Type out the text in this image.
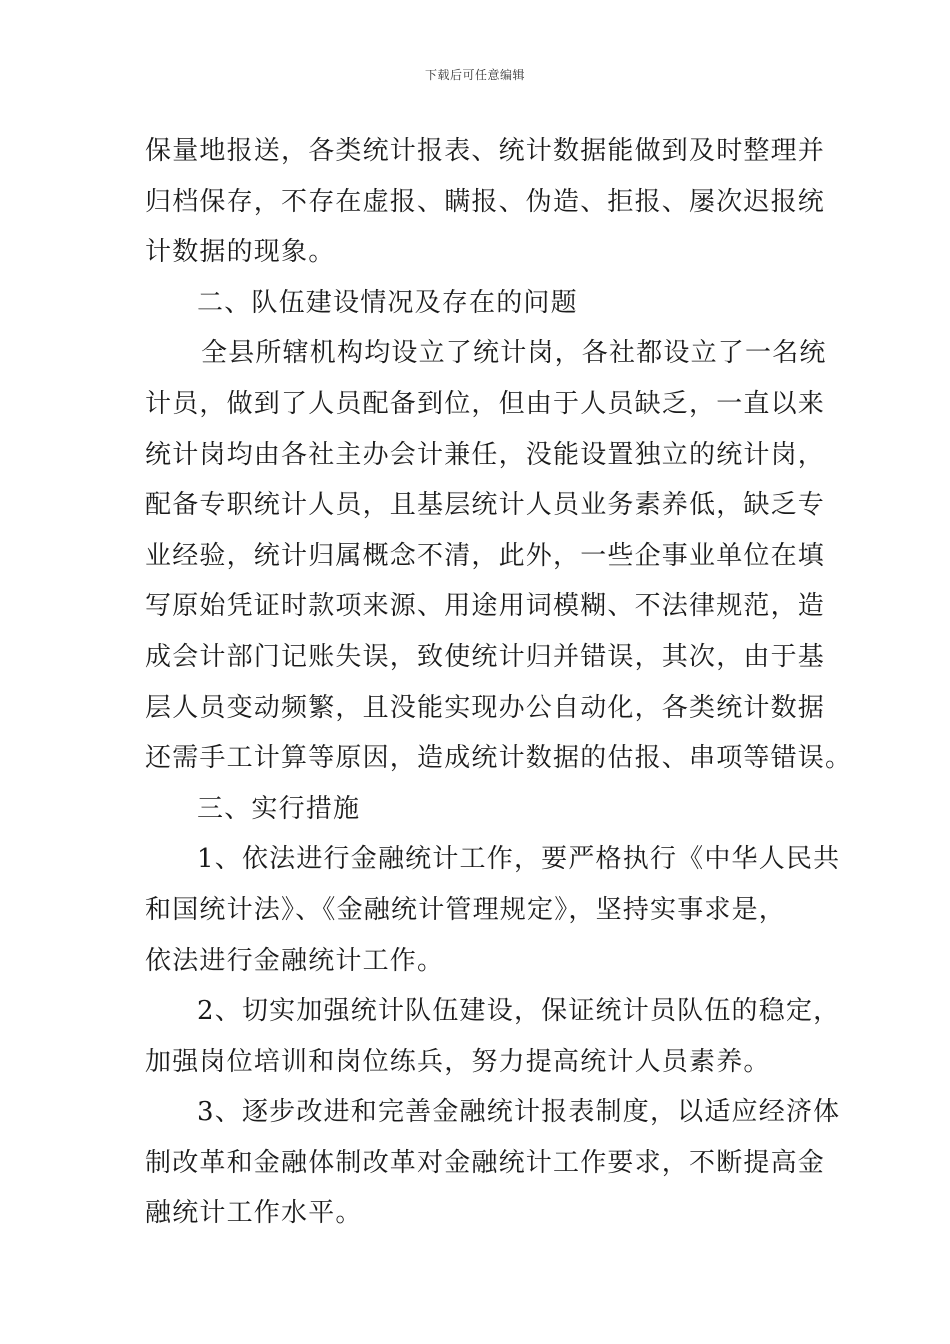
下载后可任意编辑
保量地报送，各类统计报表、统计数据能做到及时整理并
归档保存，不存在虚报、瞒报、伪造、拒报、屡次迟报统
计数据的现象。
二、队伍建设情况及存在的问题
全县所辖机构均设立了统计岗，各社都设立了一名统
计员，做到了人员配备到位，但由于人员缺乏，一直以来
统计岗均由各社主办会计兼任，没能设置独立的统计岗，
配备专职统计人员，且基层统计人员业务素养低，缺乏专
业经验，统计归属概念不清，此外，一些企事业单位在填
写原始凭证时款项来源、用途用词模糊、不法律规范，造
成会计部门记账失误，致使统计归并错误，其次，由于基
层人员变动频繁，且没能实现办公自动化，各类统计数据
还需手工计算等原因，造成统计数据的估报、串项等错误。
三、实行措施
1、依法进行金融统计工作，要严格执行《中华人民共
和国统计法》、《金融统计管理规定》，坚持实事求是，
依法进行金融统计工作。
2、切实加强统计队伍建设，保证统计员队伍的稳定，
加强岗位培训和岗位练兵，努力提高统计人员素养。
3、逐步改进和完善金融统计报表制度，以适应经济体
制改革和金融体制改革对金融统计工作要求，不断提高金
融统计工作水平。
